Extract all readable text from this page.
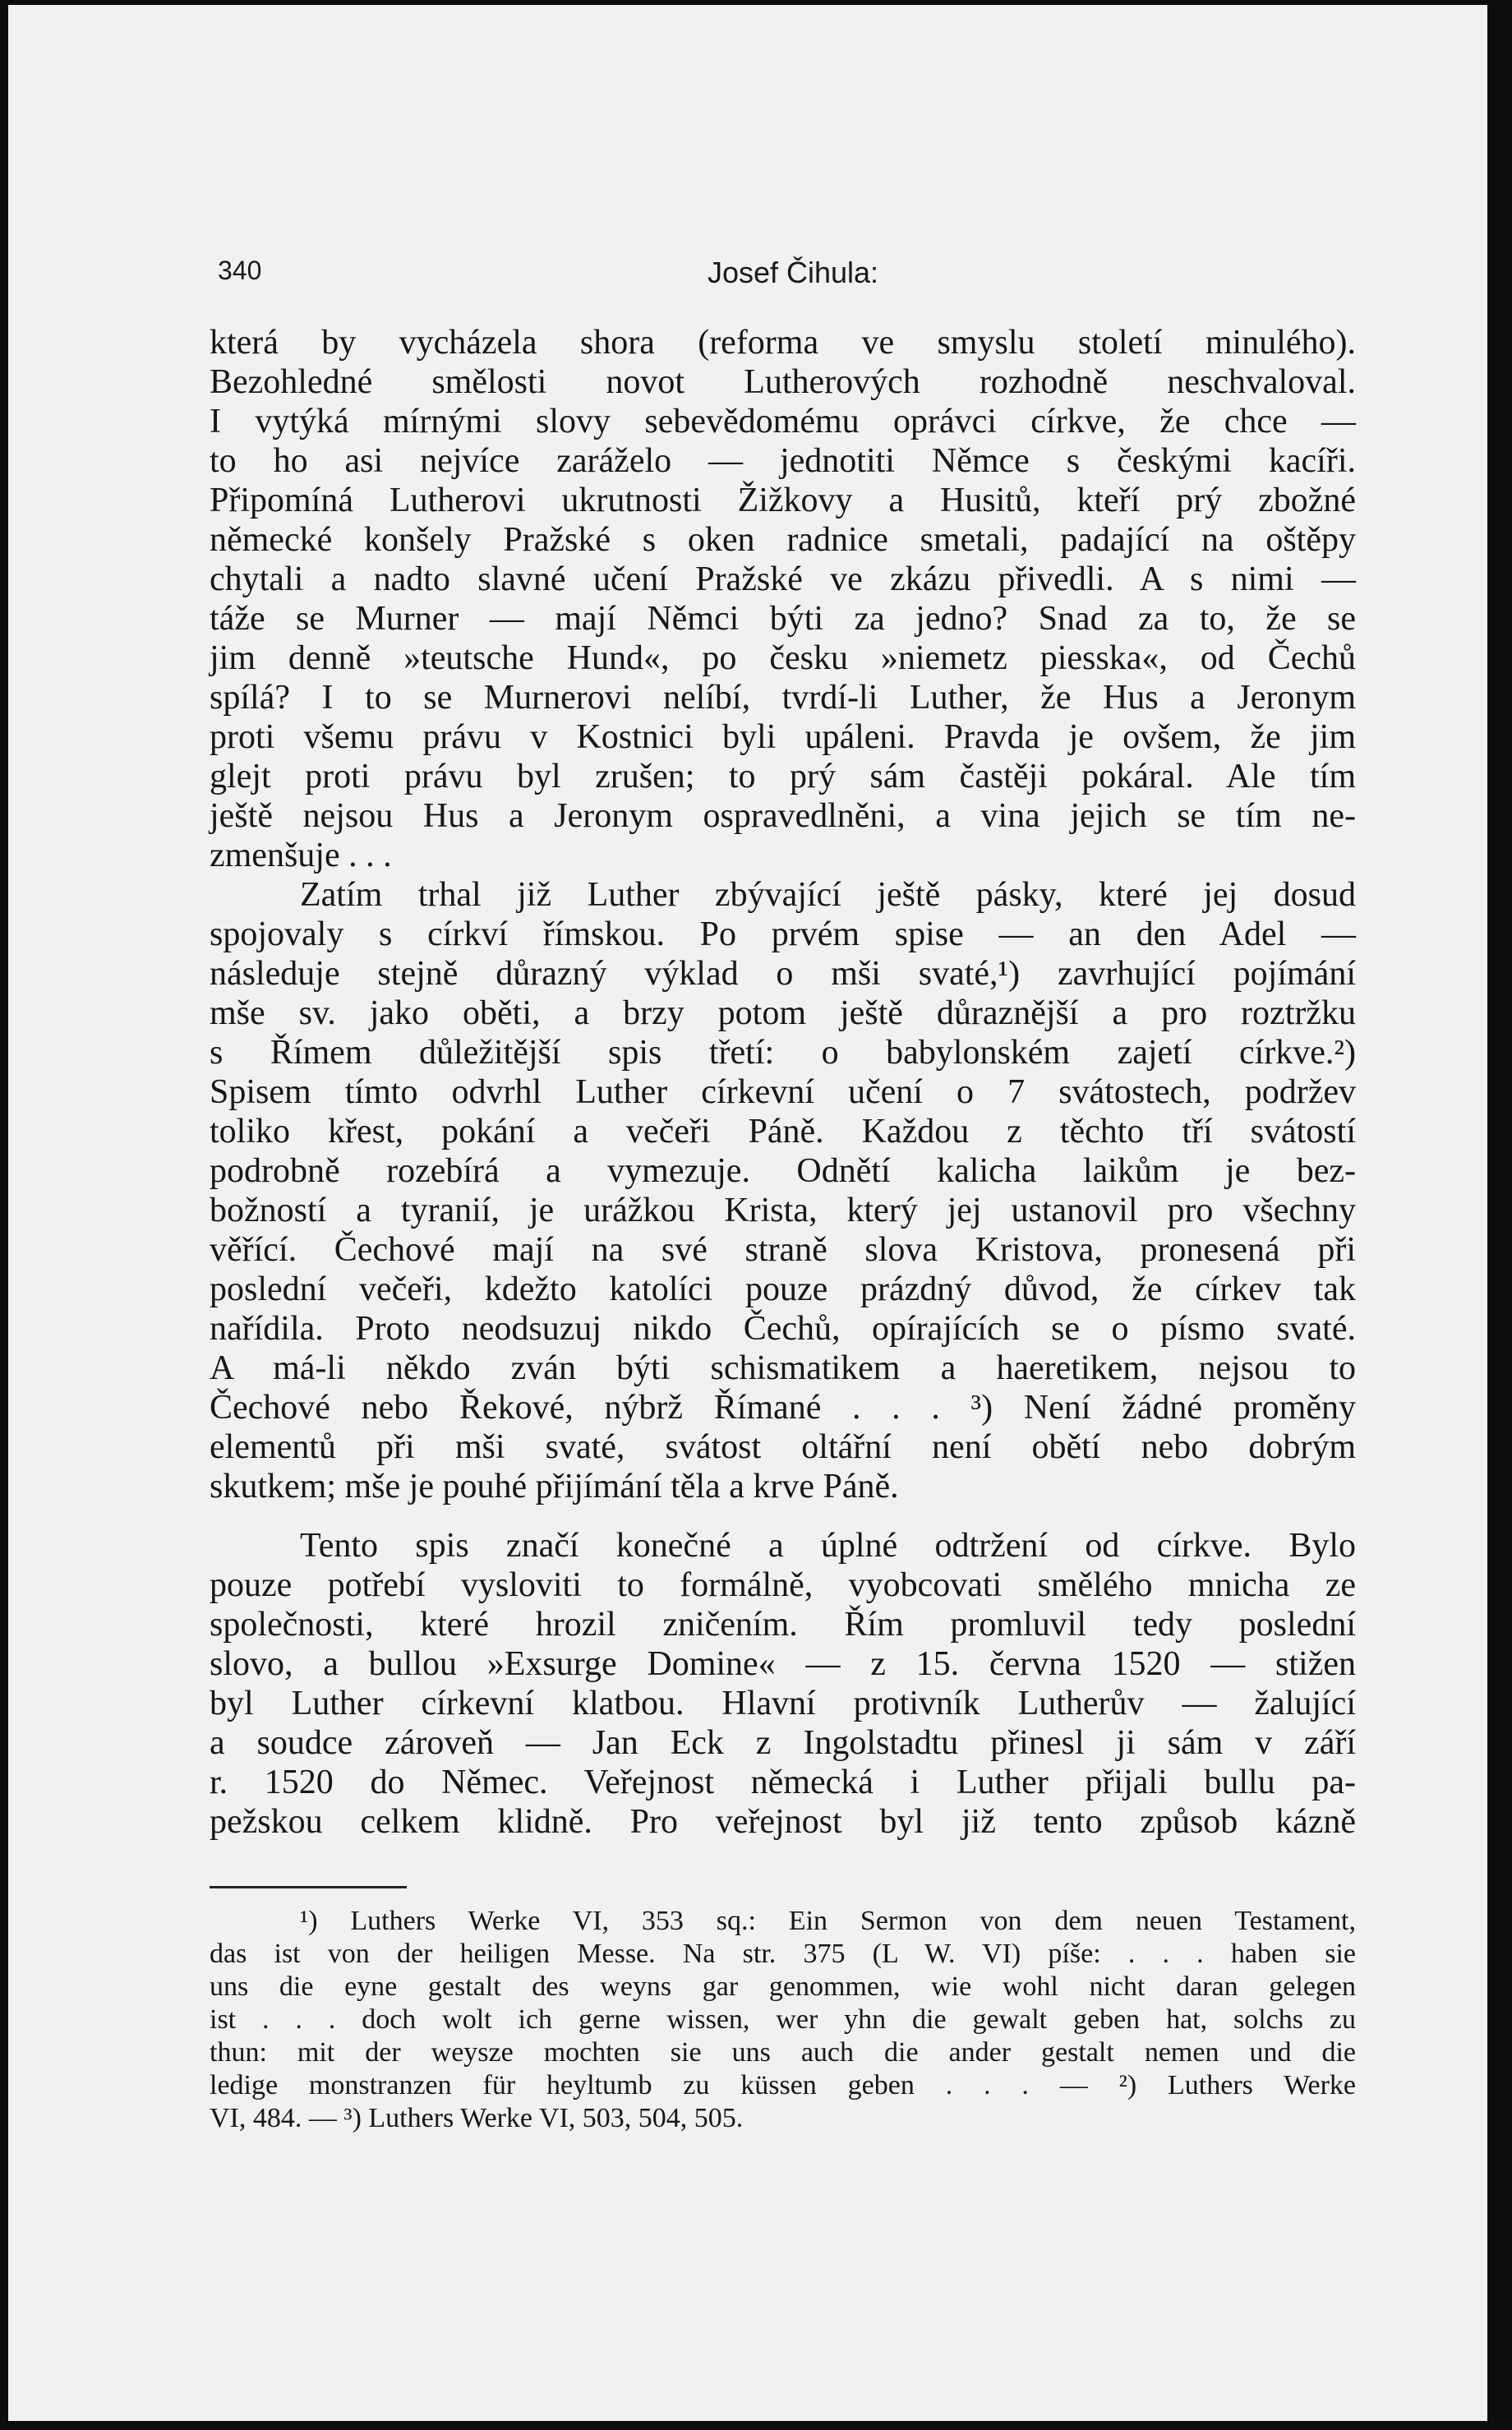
340	Josef Čihula:
která by vycházela shora (reforma ve smyslu století minulého).
Bezohledné smělosti novot Lutherových rozhodně neschvaloval.
I vytýká mírnými slovy sebevědomému oprávci církve, že chce —
to ho asi nejvíce zaráželo — jednotiti Němce s českými kacíři.
Připomíná Lutherovi ukrutnosti Žižkovy a Husitů, kteří prý zbožné
německé konšely Pražské s oken radnice smetali, padající na oštěpy
chytali a nadto slavné učení Pražské ve zkázu přivedli. A s nimi —
táže se Murner — mají Němci býti za jedno? Snad za to, že se
jim denně »teutsche Hund«, po česku »niemetz piesska«, od Čechů
spílá? I to se Murnerovi nelíbí, tvrdí-li Luther, že Hus a Jeronym
proti všemu právu v Kostnici byli upáleni. Pravda je ovšem, že jim
glejt proti právu byl zrušen; to prý sám častěji pokáral. Ale tím
ještě nejsou Hus a Jeronym ospravedlněni, a vina jejich se tím ne-
zmenšuje . . .
Zatím trhal již Luther zbývající ještě pásky, které jej dosud
spojovaly s církví římskou. Po prvém spise — an den Adel —
následuje stejně důrazný výklad o mši svaté,¹) zavrhující pojímání
mše sv. jako oběti, a brzy potom ještě důraznější a pro roztržku
s Římem důležitější spis třetí: o babylonském zajetí církve.²)
Spisem tímto odvrhl Luther církevní učení o 7 svátostech, podržev
toliko křest, pokání a večeři Páně. Každou z těchto tří svátostí
podrobně rozebírá a vymezuje. Odnětí kalicha laikům je bez-
božností a tyranií, je urážkou Krista, který jej ustanovil pro všechny
věřící. Čechové mají na své straně slova Kristova, pronesená při
poslední večeři, kdežto katolíci pouze prázdný důvod, že církev tak
nařídila. Proto neodsuzuj nikdo Čechů, opírajících se o písmo svaté.
A má-li někdo zván býti schismatikem a haeretikem, nejsou to
Čechové nebo Řekové, nýbrž Římané . . . ³) Není žádné proměny
elementů při mši svaté, svátost oltářní není obětí nebo dobrým
skutkem; mše je pouhé přijímání těla a krve Páně.
Tento spis značí konečné a úplné odtržení od církve. Bylo
pouze potřebí vysloviti to formálně, vyobcovati smělého mnicha ze
společnosti, které hrozil zničením. Řím promluvil tedy poslední
slovo, a bullou »Exsurge Domine« — z 15. června 1520 — stižen
byl Luther církevní klatbou. Hlavní protivník Lutherův — žalující
a soudce zároveň — Jan Eck z Ingolstadtu přinesl ji sám v září
r. 1520 do Němec. Veřejnost německá i Luther přijali bullu pa-
pežskou celkem klidně. Pro veřejnost byl již tento způsob kázně
¹) Luthers Werke VI, 353 sq.: Ein Sermon von dem neuen Testament,
das ist von der heiligen Messe. Na str. 375 (L W. VI) píše: . . . haben sie
uns die eyne gestalt des weyns gar genommen, wie wohl nicht daran gelegen
ist . . . doch wolt ich gerne wissen, wer yhn die gewalt geben hat, solchs zu
thun: mit der weysze mochten sie uns auch die ander gestalt nemen und die
ledige monstranzen für heyltumb zu küssen geben . . . — ²) Luthers Werke
VI, 484. — ³) Luthers Werke VI, 503, 504, 505.
